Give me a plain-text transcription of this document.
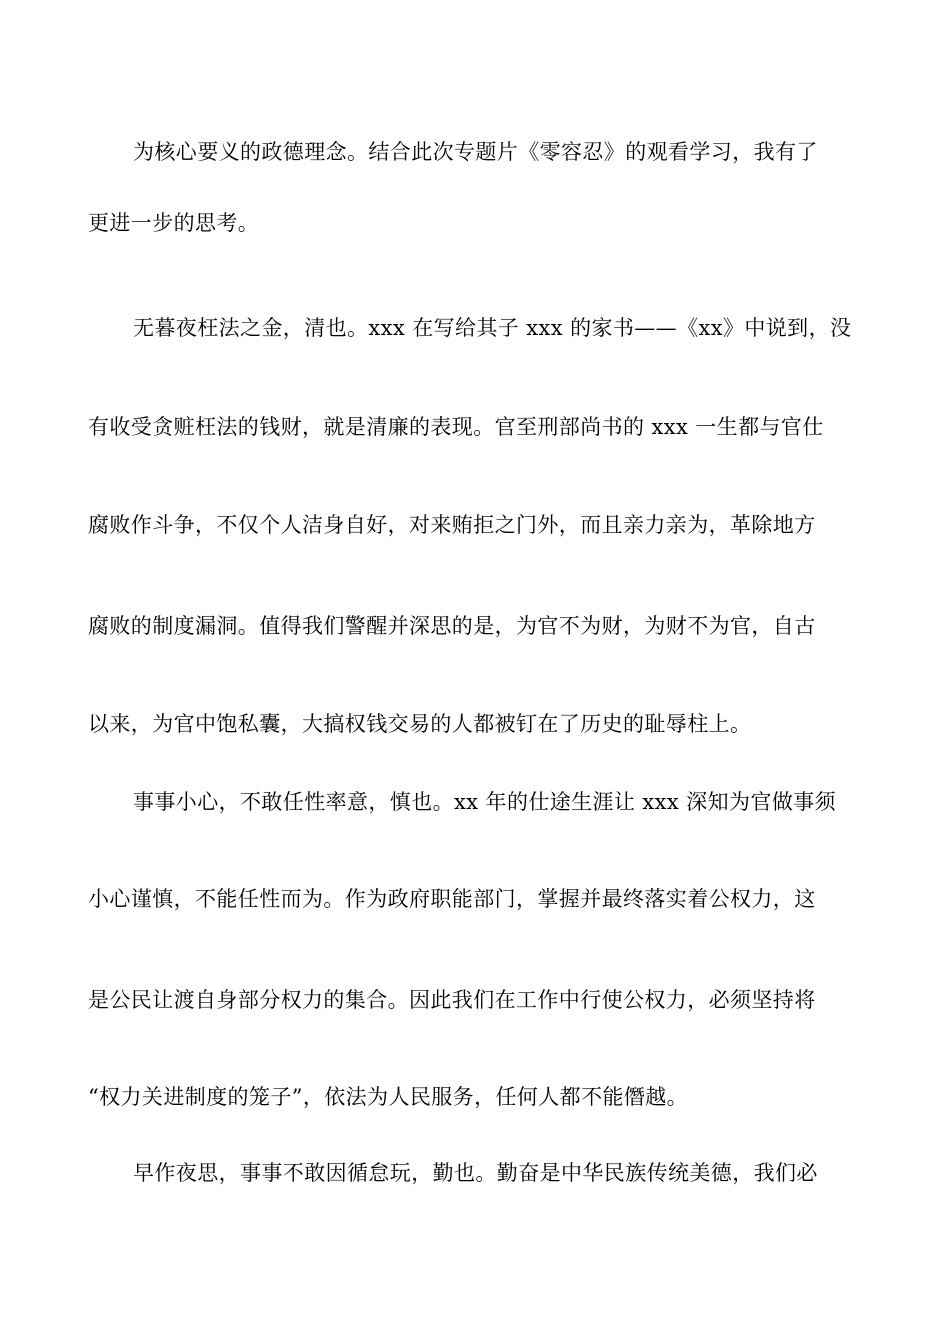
为核心要义的政德理念。结合此次专题片《零容忍》的观看学习，我有了
更进一步的思考。
无暮夜枉法之金，清也。xxx 在写给其子 xxx 的家书——《xx》中说到，没
有收受贪赃枉法的钱财，就是清廉的表现。官至刑部尚书的 xxx 一生都与官仕
腐败作斗争，不仅个人洁身自好，对来贿拒之门外，而且亲力亲为，革除地方
腐败的制度漏洞。值得我们警醒并深思的是，为官不为财，为财不为官，自古
以来，为官中饱私囊，大搞权钱交易的人都被钉在了历史的耻辱柱上。
事事小心，不敢任性率意，慎也。xx 年的仕途生涯让 xxx 深知为官做事须
小心谨慎，不能任性而为。作为政府职能部门，掌握并最终落实着公权力，这
是公民让渡自身部分权力的集合。因此我们在工作中行使公权力，必须坚持将
“权力关进制度的笼子”，依法为人民服务，任何人都不能僭越。
早作夜思，事事不敢因循怠玩，勤也。勤奋是中华民族传统美德，我们必
